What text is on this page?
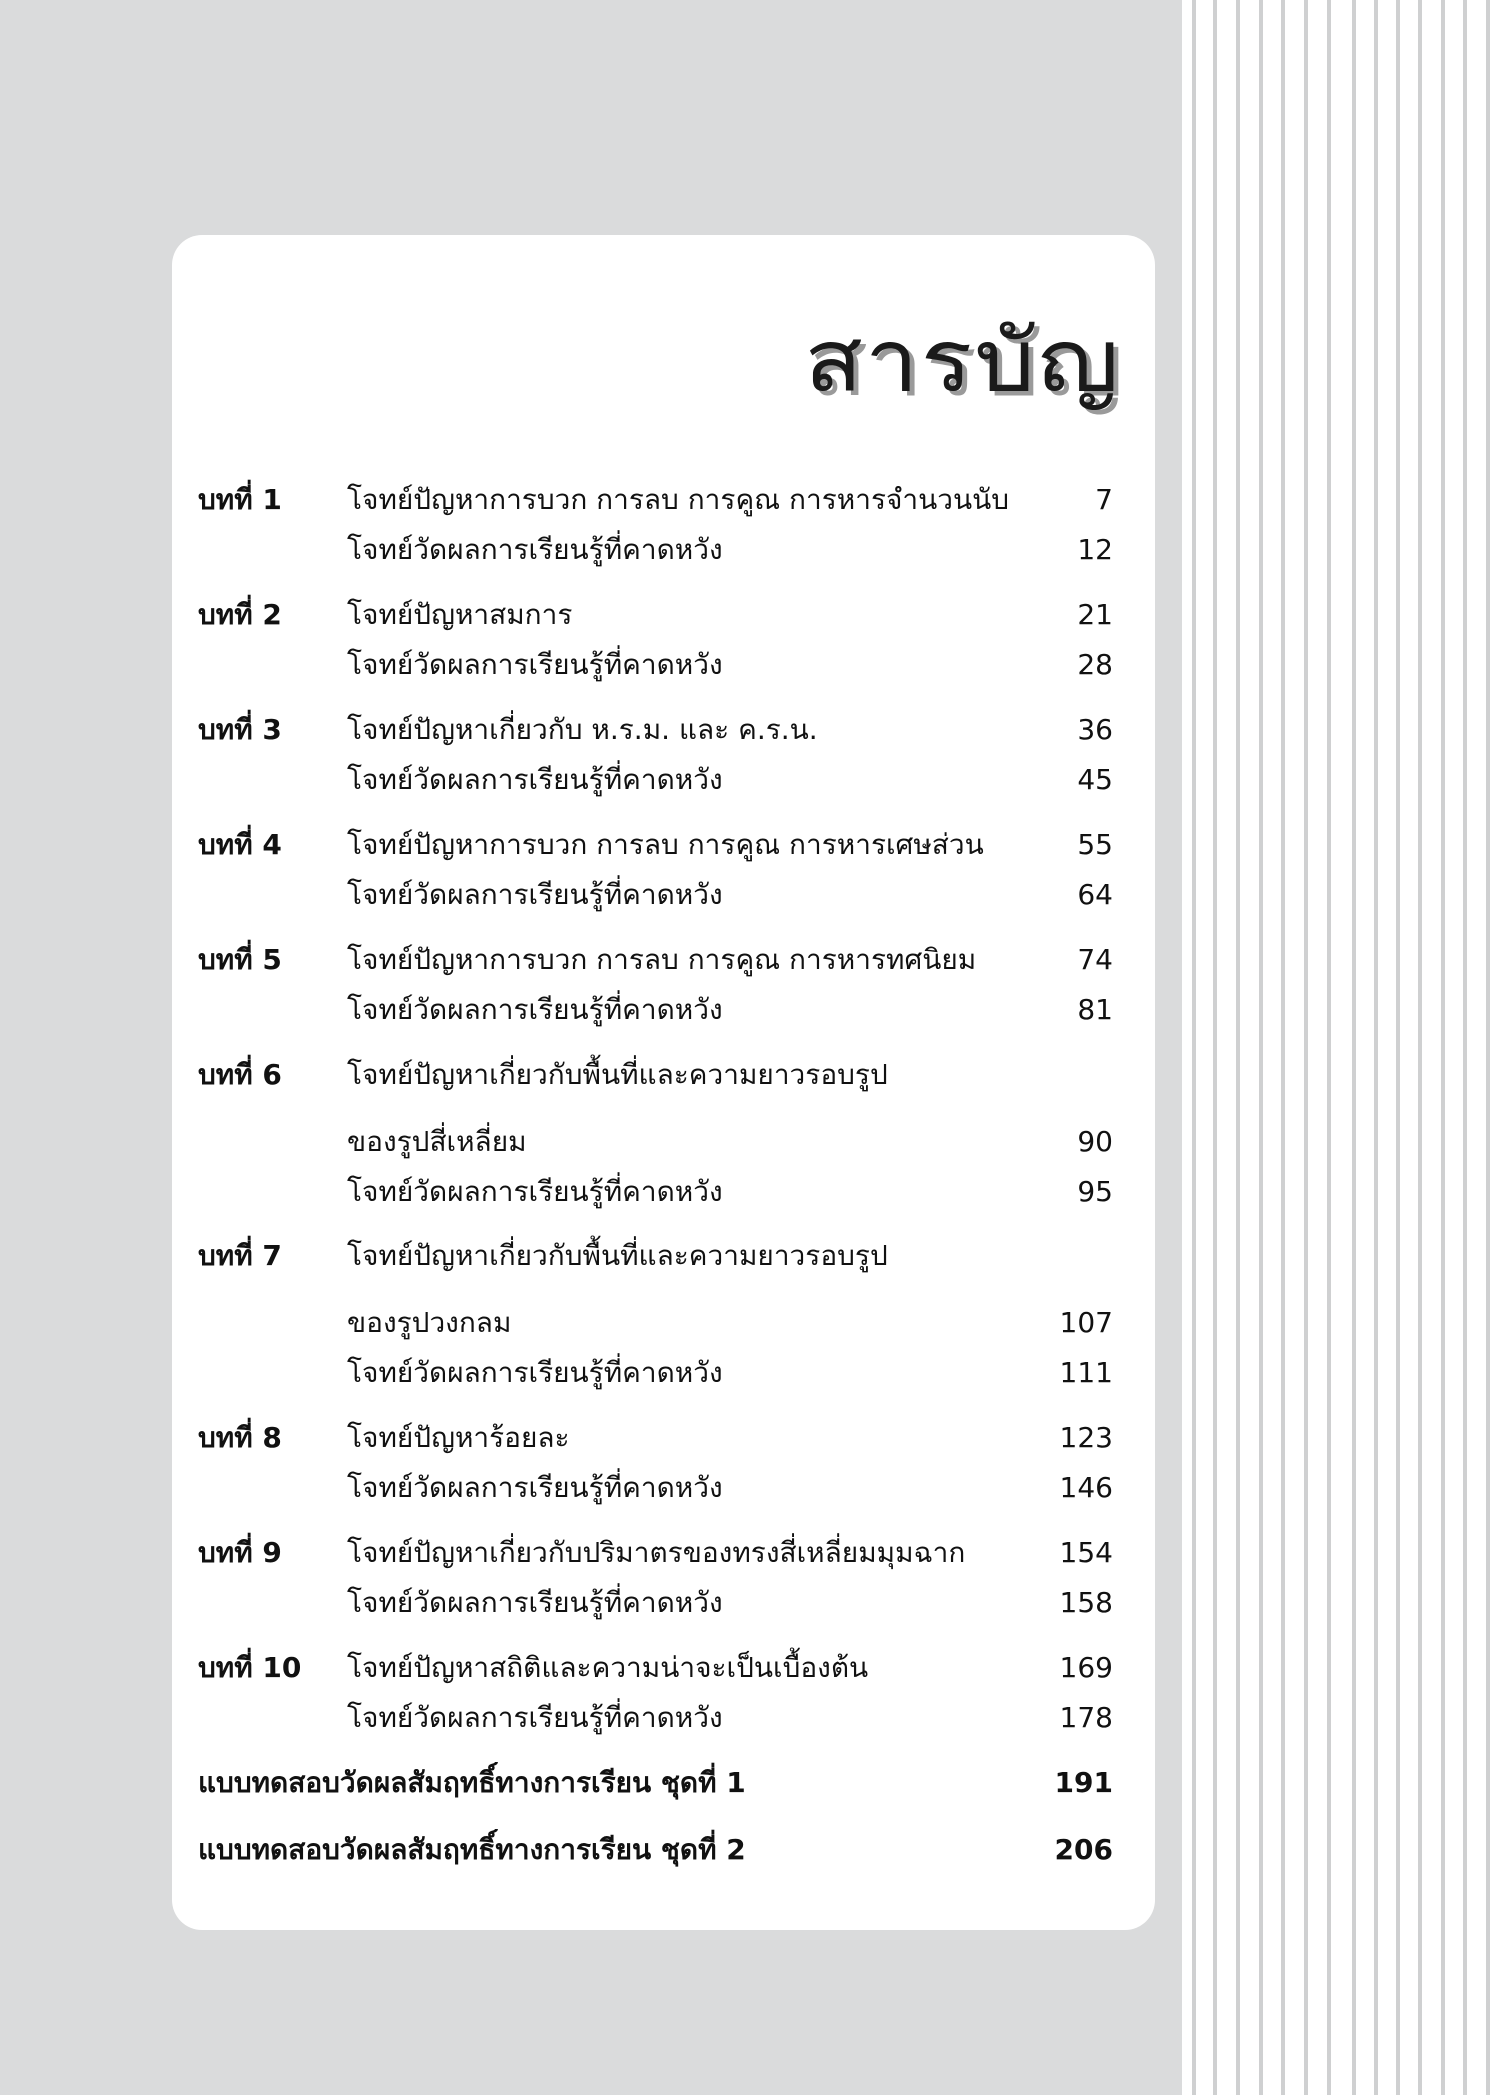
สารบัญ
บทที่ 1 โจทย์ปัญหาการบวก การลบ การคูณ การหารจำนวนนับ	7
โจทย์วัดผลการเรียนรู้ที่คาดหวัง	12
บทที่ 2 โจทย์ปัญหาสมการ	21
โจทย์วัดผลการเรียนรู้ที่คาดหวัง	28
บทที่ 3 โจทย์ปัญหาเกี่ยวกับ ห.ร.ม. และ ค.ร.น.	36
โจทย์วัดผลการเรียนรู้ที่คาดหวัง	45
บทที่ 4 โจทย์ปัญหาการบวก การลบ การคูณ การหารเศษส่วน	55
โจทย์วัดผลการเรียนรู้ที่คาดหวัง	64
บทที่ 5 โจทย์ปัญหาการบวก การลบ การคูณ การหารทศนิยม	74
โจทย์วัดผลการเรียนรู้ที่คาดหวัง	81
บทที่ 6 โจทย์ปัญหาเกี่ยวกับพื้นที่และความยาวรอบรูป
ของรูปสี่เหลี่ยม	90
โจทย์วัดผลการเรียนรู้ที่คาดหวัง	95
บทที่ 7 โจทย์ปัญหาเกี่ยวกับพื้นที่และความยาวรอบรูป
ของรูปวงกลม	107
โจทย์วัดผลการเรียนรู้ที่คาดหวัง	111
บทที่ 8 โจทย์ปัญหาร้อยละ	123
โจทย์วัดผลการเรียนรู้ที่คาดหวัง	146
บทที่ 9 โจทย์ปัญหาเกี่ยวกับปริมาตรของทรงสี่เหลี่ยมมุมฉาก	154
โจทย์วัดผลการเรียนรู้ที่คาดหวัง	158
บทที่ 10 โจทย์ปัญหาสถิติและความน่าจะเป็นเบื้องต้น	169
โจทย์วัดผลการเรียนรู้ที่คาดหวัง	178
แบบทดสอบวัดผลสัมฤทธิ์ทางการเรียน ชุดที่ 1	191
แบบทดสอบวัดผลสัมฤทธิ์ทางการเรียน ชุดที่ 2	206
